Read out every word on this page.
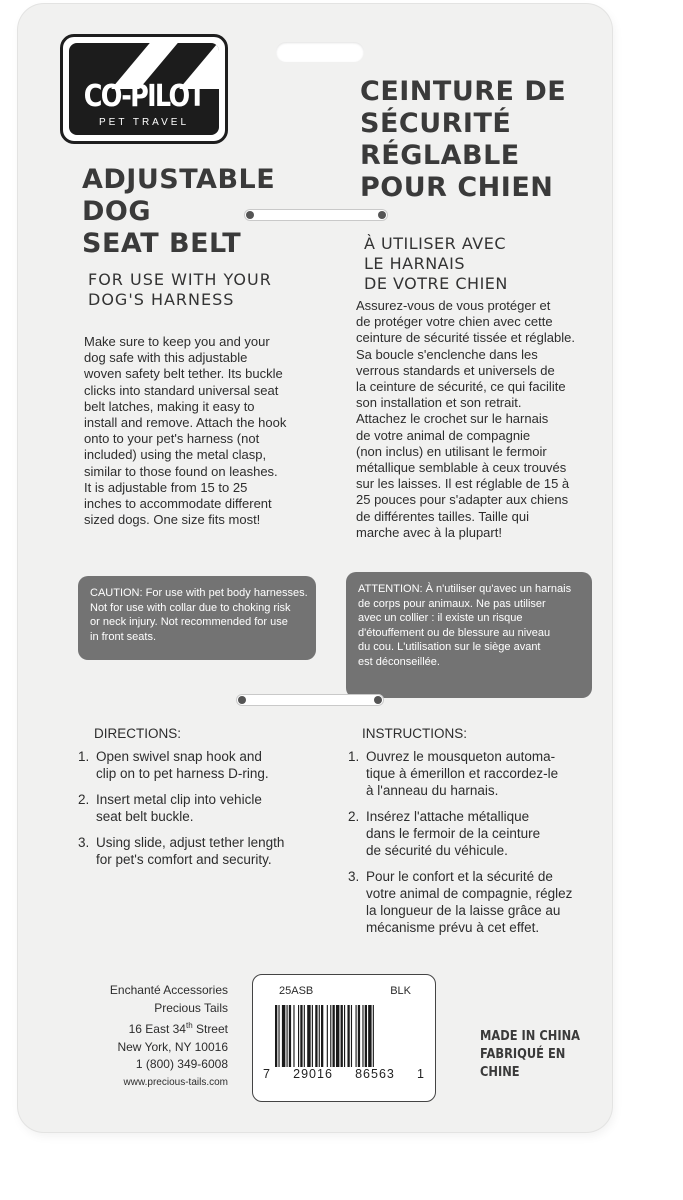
CO-PILOT
PET TRAVEL
ADJUSTABLE
DOG
SEAT BELT
CEINTURE DE
SÉCURITÉ
RÉGLABLE
POUR CHIEN
FOR USE WITH YOUR
DOG'S HARNESS
À UTILISER AVEC
LE HARNAIS
DE VOTRE CHIEN
Make sure to keep you and your
dog safe with this adjustable
woven safety belt tether. Its buckle
clicks into standard universal seat
belt latches, making it easy to
install and remove. Attach the hook
onto to your pet's harness (not
included) using the metal clasp,
similar to those found on leashes.
It is adjustable from 15 to 25
inches to accommodate different
sized dogs. One size fits most!
Assurez-vous de vous protéger et
de protéger votre chien avec cette
ceinture de sécurité tissée et réglable.
Sa boucle s'enclenche dans les
verrous standards et universels de
la ceinture de sécurité, ce qui facilite
son installation et son retrait.
Attachez le crochet sur le harnais
de votre animal de compagnie
(non inclus) en utilisant le fermoir
métallique semblable à ceux trouvés
sur les laisses. Il est réglable de 15 à
25 pouces pour s'adapter aux chiens
de différentes tailles. Taille qui
marche avec à la plupart!
CAUTION: For use with pet body harnesses.
Not for use with collar due to choking risk
or neck injury. Not recommended for use
in front seats.
ATTENTION: À n'utiliser qu'avec un harnais
de corps pour animaux. Ne pas utiliser
avec un collier : il existe un risque
d'étouffement ou de blessure au niveau
du cou. L'utilisation sur le siège avant
est déconseillée.
DIRECTIONS:	INSTRUCTIONS:
1. Open swivel snap hook and
clip on to pet harness D-ring.
2. Insert metal clip into vehicle
seat belt buckle.
3. Using slide, adjust tether length
for pet's comfort and security.
1. Ouvrez le mousqueton automa-
tique à émerillon et raccordez-le
à l'anneau du harnais.
2. Insérez l'attache métallique
dans le fermoir de la ceinture
de sécurité du véhicule.
3. Pour le confort et la sécurité de
votre animal de compagnie, réglez
la longueur de la laisse grâce au
mécanisme prévu à cet effet.
Enchanté Accessories
Precious Tails
16 East 34th Street
New York, NY 10016
1 (800) 349-6008
www.precious-tails.com
25ASB	BLK
7 29016 86563 1
MADE IN CHINA
FABRIQUÉ EN CHINE
